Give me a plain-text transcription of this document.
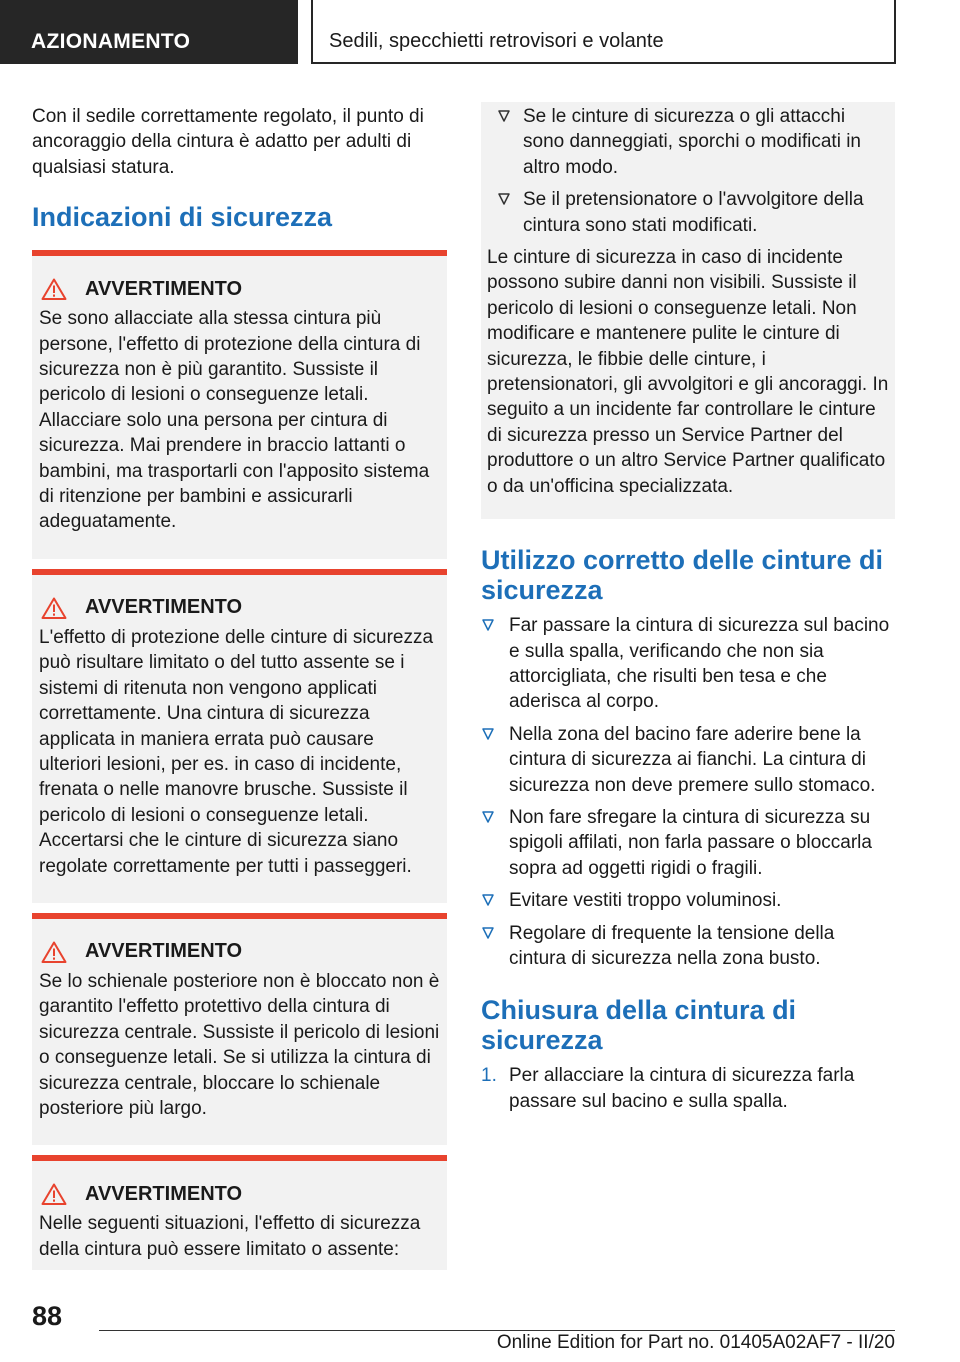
AZIONAMENTO	Sedili, specchietti retrovisori e volante

Con il sedile correttamente regolato, il punto di ancoraggio della cintura è adatto per adulti di qualsiasi statura.

Indicazioni di sicurezza
AVVERTIMENTO

Se sono allacciate alla stessa cintura più persone, l'effetto di protezione della cintura di sicurezza non è più garantito. Sussiste il pericolo di lesioni o conseguenze letali. Allacciare solo una persona per cintura di sicurezza. Mai prendere in braccio lattanti o bambini, ma trasportarli con l'apposito sistema di ritenzione per bambini e assicurarli adeguatamente.

AVVERTIMENTO

L'effetto di protezione delle cinture di sicurezza può risultare limitato o del tutto assente se i sistemi di ritenuta non vengono applicati correttamente. Una cintura di sicurezza applicata in maniera errata può causare ulteriori lesioni, per es. in caso di incidente, frenata o nelle manovre brusche. Sussiste il pericolo di lesioni o conseguenze letali. Accertarsi che le cinture di sicurezza siano regolate correttamente per tutti i passeggeri.

AVVERTIMENTO

Se lo schienale posteriore non è bloccato non è garantito l'effetto protettivo della cintura di sicurezza centrale. Sussiste il pericolo di lesioni o conseguenze letali. Se si utilizza la cintura di sicurezza centrale, bloccare lo schienale posteriore più largo.

AVVERTIMENTO

Nelle seguenti situazioni, l'effetto di sicurezza della cintura può essere limitato o assente:

Se le cinture di sicurezza o gli attacchi sono danneggiati, sporchi o modificati in altro modo.
Se il pretensionatore o l'avvolgitore della cintura sono stati modificati.

Le cinture di sicurezza in caso di incidente possono subire danni non visibili. Sussiste il pericolo di lesioni o conseguenze letali. Non modificare e mantenere pulite le cinture di sicurezza, le fibbie delle cinture, i pretensionatori, gli avvolgitori e gli ancoraggi. In seguito a un incidente far controllare le cinture di sicurezza presso un Service Partner del produttore o un altro Service Partner qualificato o da un'officina specializzata.

Utilizzo corretto delle cinture di sicurezza
Far passare la cintura di sicurezza sul bacino e sulla spalla, verificando che non sia attorcigliata, che risulti ben tesa e che aderisca al corpo.
Nella zona del bacino fare aderire bene la cintura di sicurezza ai fianchi. La cintura di sicurezza non deve premere sullo stomaco.
Non fare sfregare la cintura di sicurezza su spigoli affilati, non farla passare o bloccarla sopra ad oggetti rigidi o fragili.
Evitare vestiti troppo voluminosi.
Regolare di frequente la tensione della cintura di sicurezza nella zona busto.
Chiusura della cintura di sicurezza
1. Per allacciare la cintura di sicurezza farla passare sul bacino e sulla spalla.
88
Online Edition for Part no. 01405A02AF7 - II/20
